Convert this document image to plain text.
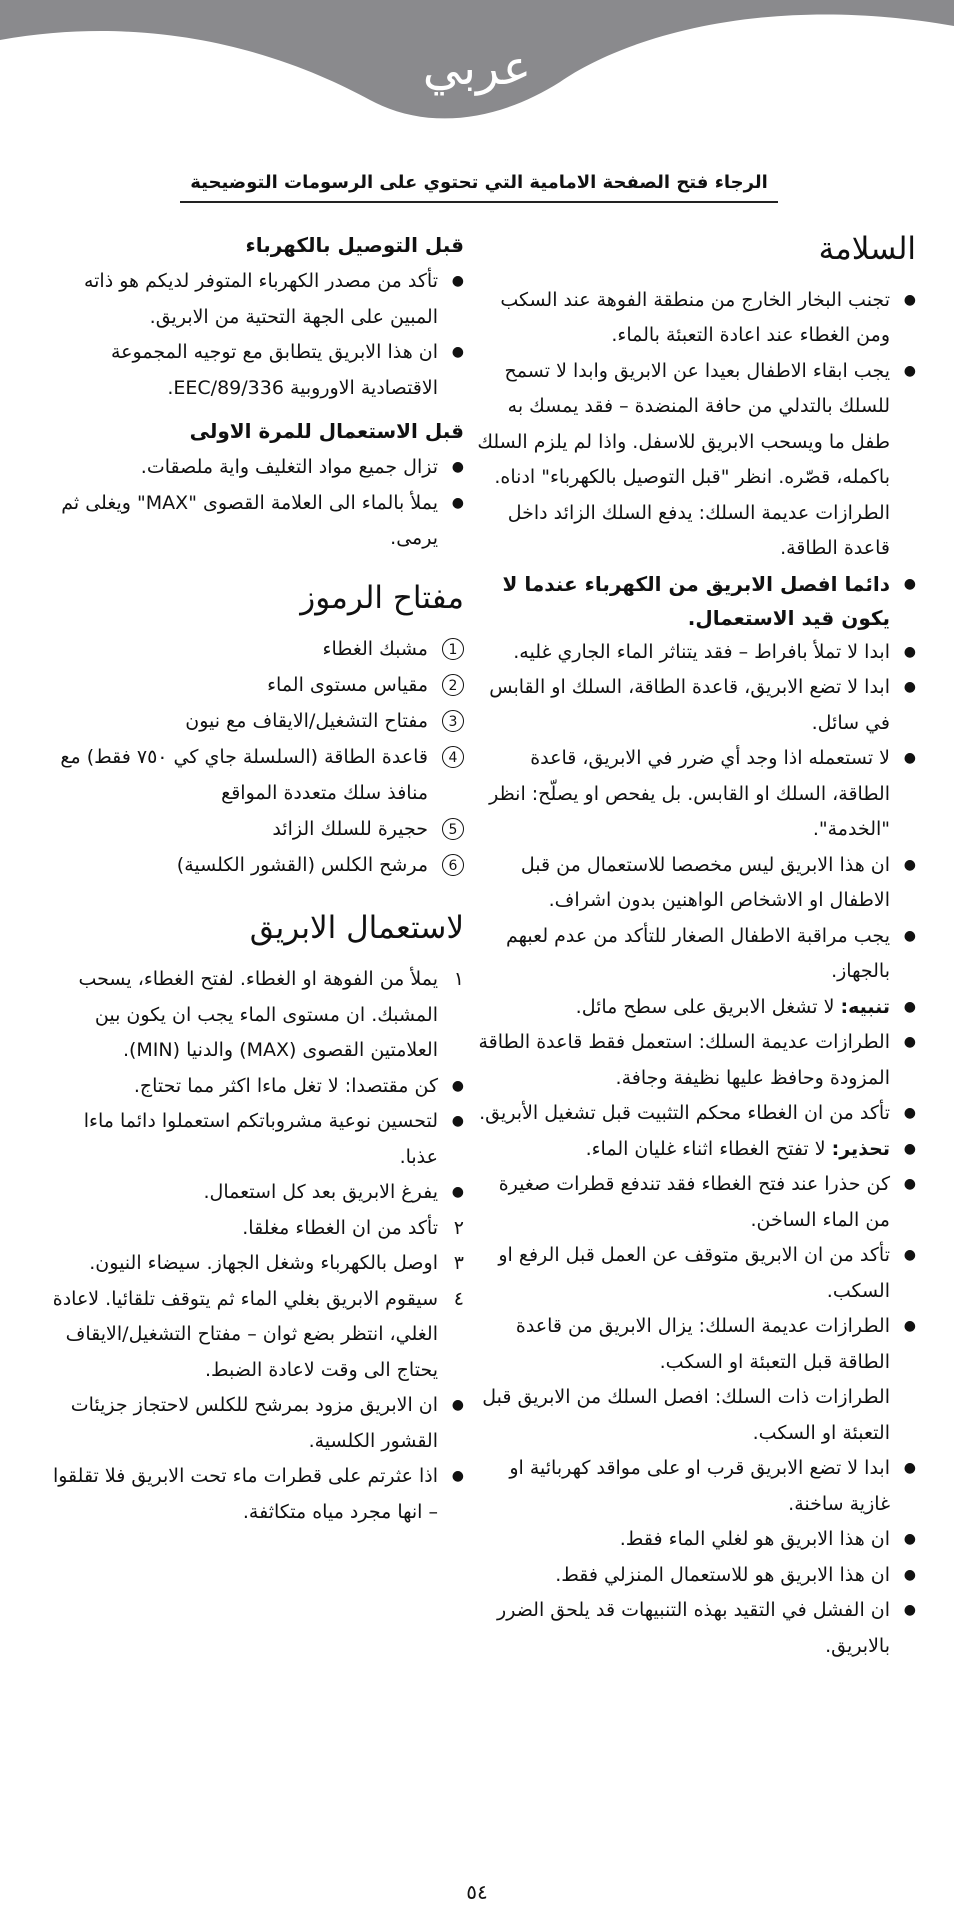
عربي
الرجاء فتح الصفحة الامامية التي تحتوي على الرسومات التوضيحية
السلامة
● تجنب البخار الخارج من منطقة الفوهة عند السكب ومن الغطاء عند اعادة التعبئة بالماء.
● يجب ابقاء الاطفال بعيدا عن الابريق وابدا لا تسمح للسلك بالتدلي من حافة المنضدة – فقد يمسك به طفل ما ويسحب الابريق للاسفل. واذا لم يلزم السلك باكمله، قصّره. انظر "قبل التوصيل بالكهرباء" ادناه.
الطرازات عديمة السلك: يدفع السلك الزائد داخل قاعدة الطاقة.
● دائما افصل الابريق من الكهرباء عندما لا يكون قيد الاستعمال.
● ابدا لا تملأ بافراط – فقد يتناثر الماء الجاري غليه.
● ابدا لا تضع الابريق، قاعدة الطاقة، السلك او القابس في سائل.
● لا تستعمله اذا وجد أي ضرر في الابريق، قاعدة الطاقة، السلك او القابس. بل يفحص او يصلّح: انظر "الخدمة".
● ان هذا الابريق ليس مخصصا للاستعمال من قبل الاطفال او الاشخاص الواهنين بدون اشراف.
● يجب مراقبة الاطفال الصغار للتأكد من عدم لعبهم بالجهاز.
● تنبيه: لا تشغل الابريق على سطح مائل.
● الطرازات عديمة السلك: استعمل فقط قاعدة الطاقة المزودة وحافظ عليها نظيفة وجافة.
● تأكد من ان الغطاء محكم التثبيت قبل تشغيل الأبريق.
● تحذير: لا تفتح الغطاء اثناء غليان الماء.
● كن حذرا عند فتح الغطاء فقد تندفع قطرات صغيرة من الماء الساخن.
● تأكد من ان الابريق متوقف عن العمل قبل الرفع او السكب.
● الطرازات عديمة السلك: يزال الابريق من قاعدة الطاقة قبل التعبئة او السكب.
الطرازات ذات السلك: افصل السلك من الابريق قبل التعبئة او السكب.
● ابدا لا تضع الابريق قرب او على مواقد كهربائية او غازية ساخنة.
● ان هذا الابريق هو لغلي الماء فقط.
● ان هذا الابريق هو للاستعمال المنزلي فقط.
● ان الفشل في التقيد بهذه التنبيهات قد يلحق الضرر بالابريق.
قبل التوصيل بالكهرباء
● تأكد من مصدر الكهرباء المتوفر لديكم هو ذاته المبين على الجهة التحتية من الابريق.
● ان هذا الابريق يتطابق مع توجيه المجموعة الاقتصادية الاوروبية EEC/89/336.
قبل الاستعمال للمرة الاولى
● تزال جميع مواد التغليف واية ملصقات.
● يملأ بالماء الى العلامة القصوى "MAX" ويغلى ثم يرمى.
مفتاح الرموز
1
مشبك الغطاء
2
مقياس مستوى الماء
3
مفتاح التشغيل/الايقاف مع نيون
4
قاعدة الطاقة (السلسلة جاي كي ٧٥٠ فقط) مع منافذ سلك متعددة المواقع
5
حجيرة للسلك الزائد
6
مرشح الكلس (القشور الكلسية)
لاستعمال الابريق
١
يملأ من الفوهة او الغطاء. لفتح الغطاء، يسحب المشبك. ان مستوى الماء يجب ان يكون بين العلامتين القصوى (MAX) والدنيا (MIN).
● كن مقتصدا: لا تغل ماءا اكثر مما تحتاج.
● لتحسين نوعية مشروباتكم استعملوا دائما ماءا عذبا.
● يفرغ الابريق بعد كل استعمال.
٢
تأكد من ان الغطاء مغلقا.
٣
اوصل بالكهرباء وشغل الجهاز. سيضاء النيون.
٤
سيقوم الابريق بغلي الماء ثم يتوقف تلقائيا. لاعادة الغلي، انتظر بضع ثوان – مفتاح التشغيل/الايقاف يحتاج الى وقت لاعادة الضبط.
● ان الابريق مزود بمرشح للكلس لاحتجاز جزيئات القشور الكلسية.
● اذا عثرتم على قطرات ماء تحت الابريق فلا تقلقوا – انها مجرد مياه متكاثفة.
٥٤
